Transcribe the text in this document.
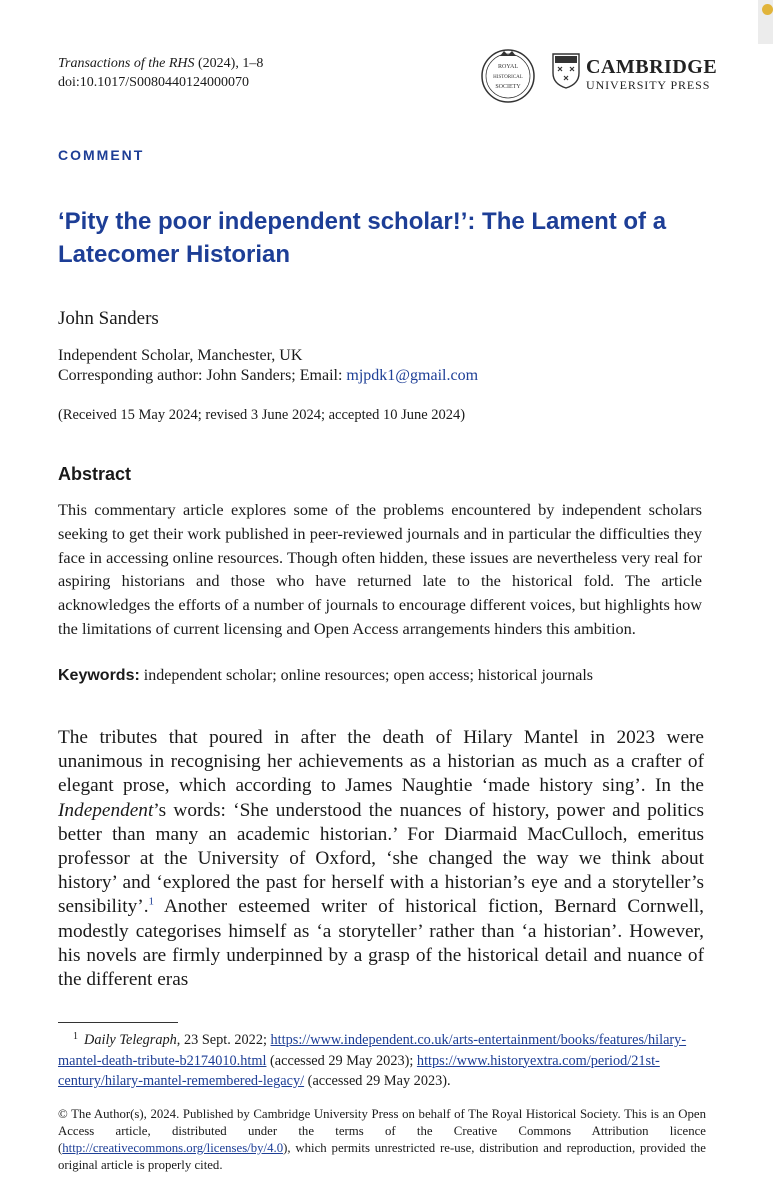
Transactions of the RHS (2024), 1–8
doi:10.1017/S0080440124000070
ROYAL
HISTORICAL
SOCIETY
CAMBRIDGE
UNIVERSITY PRESS
COMMENT
‘Pity the poor independent scholar!’: The Lament of a Latecomer Historian
John Sanders
Independent Scholar, Manchester, UK
Corresponding author: John Sanders; Email: mjpdk1@gmail.com
(Received 15 May 2024; revised 3 June 2024; accepted 10 June 2024)
Abstract
This commentary article explores some of the problems encountered by independent scholars seeking to get their work published in peer-reviewed journals and in particular the difficulties they face in accessing online resources. Though often hidden, these issues are nevertheless very real for aspiring historians and those who have returned late to the historical fold. The article acknowledges the efforts of a number of journals to encourage different voices, but highlights how the limitations of current licensing and Open Access arrangements hinders this ambition.
Keywords: independent scholar; online resources; open access; historical journals
The tributes that poured in after the death of Hilary Mantel in 2023 were unanimous in recognising her achievements as a historian as much as a crafter of elegant prose, which according to James Naughtie ‘made history sing’. In the Independent’s words: ‘She understood the nuances of history, power and politics better than many an academic historian.’ For Diarmaid MacCulloch, emeritus professor at the University of Oxford, ‘she changed the way we think about history’ and ‘explored the past for herself with a historian’s eye and a storyteller’s sensibility’.$^1$ Another esteemed writer of historical fiction, Bernard Cornwell, modestly categorises himself as ‘a storyteller’ rather than ‘a historian’. However, his novels are firmly underpinned by a grasp of the historical detail and nuance of the different eras
1 Daily Telegraph, 23 Sept. 2022; https://www.independent.co.uk/arts-entertainment/books/features/hilary-mantel-death-tribute-b2174010.html (accessed 29 May 2023); https://www.historyextra.com/period/21st-century/hilary-mantel-remembered-legacy/ (accessed 29 May 2023).
© The Author(s), 2024. Published by Cambridge University Press on behalf of The Royal Historical Society. This is an Open Access article, distributed under the terms of the Creative Commons Attribution licence (http://creativecommons.org/licenses/by/4.0), which permits unrestricted re-use, distribution and reproduction, provided the original article is properly cited.
